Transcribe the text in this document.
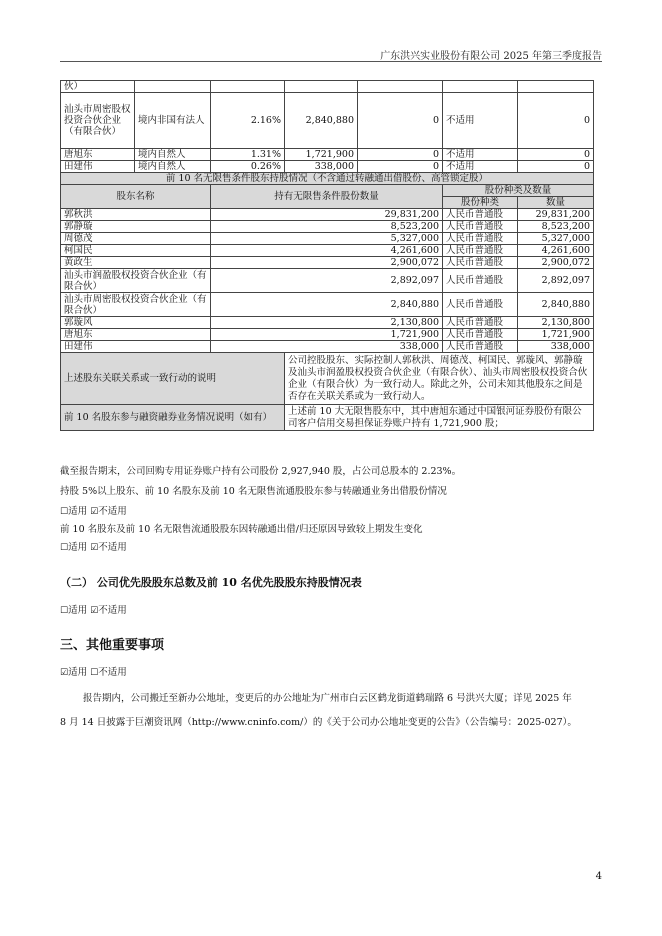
广东洪兴实业股份有限公司 2025 年第三季度报告
伙）						
汕头市周密股权投资合伙企业（有限合伙）	境内非国有法人	2.16%	2,840,880	0	不适用	0
唐旭东	境内自然人	1.31%	1,721,900	0	不适用	0
田建伟	境内自然人	0.26%	338,000	0	不适用	0
前 10 名无限售条件股东持股情况（不含通过转融通出借股份、高管锁定股）						
股东名称		持有无限售条件股份数量			股份种类及数量	
					股份种类	数量
郭秋洪		29,831,200			人民币普通股	29,831,200
郭静璇		8,523,200			人民币普通股	8,523,200
周德茂		5,327,000			人民币普通股	5,327,000
柯国民		4,261,600			人民币普通股	4,261,600
黄政生		2,900,072			人民币普通股	2,900,072
汕头市润盈股权投资合伙企业（有限合伙）		2,892,097			人民币普通股	2,892,097
汕头市周密股权投资合伙企业（有限合伙）		2,840,880			人民币普通股	2,840,880
郭璇风		2,130,800			人民币普通股	2,130,800
唐旭东		1,721,900			人民币普通股	1,721,900
田建伟		338,000			人民币普通股	338,000
上述股东关联关系或一致行动的说明			公司控股股东、实际控制人郭秋洪、周德茂、柯国民、郭璇风、郭静璇及汕头市润盈股权投资合伙企业（有限合伙）、汕头市周密股权投资合伙企业（有限合伙）为一致行动人。除此之外，公司未知其他股东之间是否存在关联关系或为一致行动人。			
前 10 名股东参与融资融券业务情况说明（如有）			上述前 10 大无限售股东中，其中唐旭东通过中国银河证券股份有限公司客户信用交易担保证券账户持有 1,721,900 股；			
截至报告期末，公司回购专用证券账户持有公司股份 2,927,940 股，占公司总股本的 2.23%。
持股 5%以上股东、前 10 名股东及前 10 名无限售流通股股东参与转融通业务出借股份情况
☐适用 ☑不适用
前 10 名股东及前 10 名无限售流通股股东因转融通出借/归还原因导致较上期发生变化
☐适用 ☑不适用
（二） 公司优先股股东总数及前 10 名优先股股东持股情况表
☐适用 ☑不适用
三、其他重要事项
☑适用 ☐不适用
报告期内，公司搬迁至新办公地址，变更后的办公地址为广州市白云区鹤龙街道鹤瑞路 6 号洪兴大厦；详见 2025 年
8 月 14 日披露于巨潮资讯网（http://www.cninfo.com/）的《关于公司办公地址变更的公告》（公告编号：2025-027）。
4
